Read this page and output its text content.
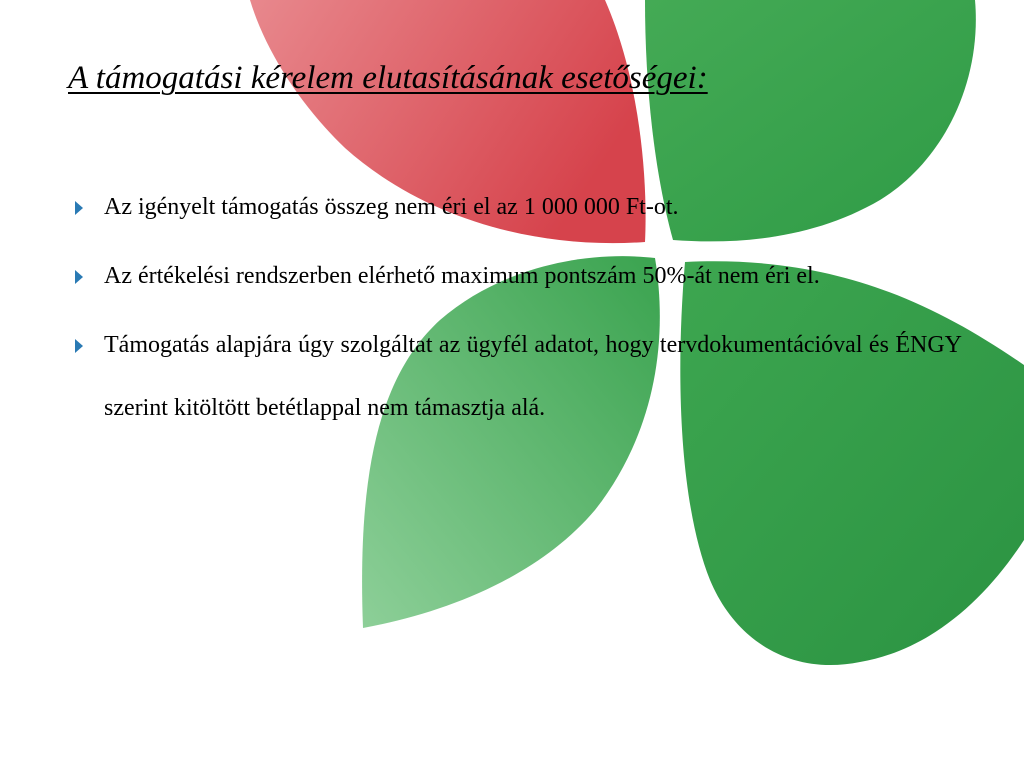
A támogatási kérelem elutasításának esetőségei:
Az igényelt támogatás összeg nem éri el az 1 000 000 Ft-ot.
Az értékelési rendszerben elérhető maximum pontszám 50%-át nem éri el.
Támogatás alapjára úgy szolgáltat az ügyfél adatot, hogy tervdokumentációval és ÉNGY szerint kitöltött betétlappal nem támasztja alá.
